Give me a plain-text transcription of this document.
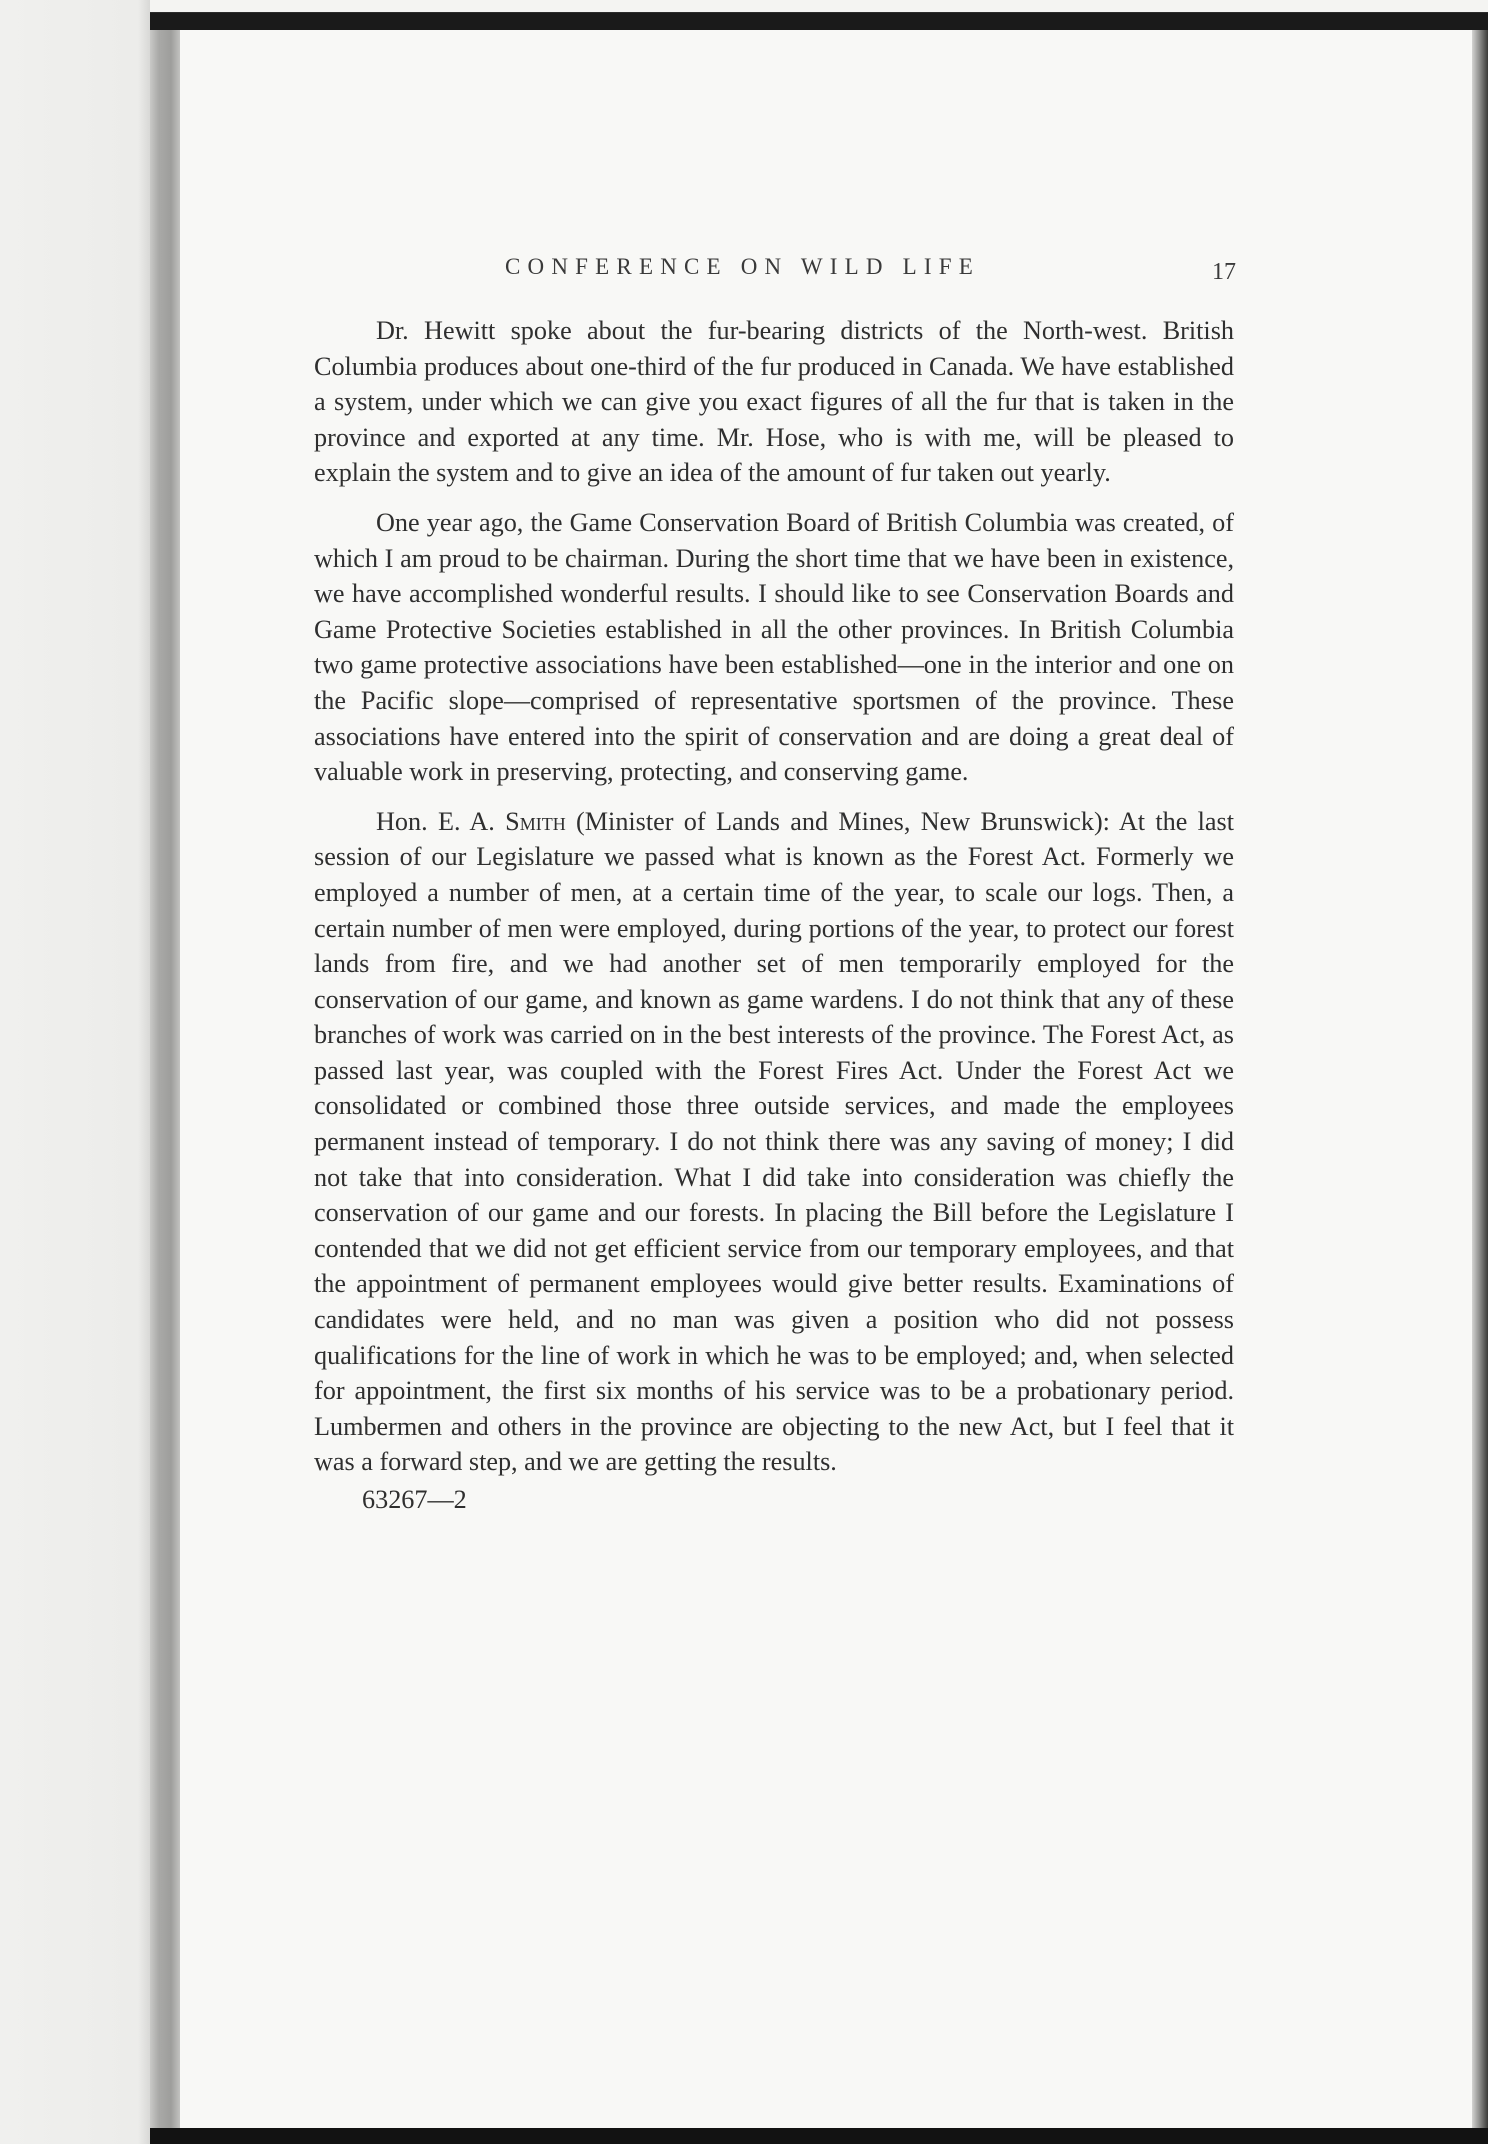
CONFERENCE ON WILD LIFE	17

Dr. Hewitt spoke about the fur-bearing districts of the North-west. British Columbia produces about one-third of the fur produced in Canada. We have established a system, under which we can give you exact figures of all the fur that is taken in the province and exported at any time. Mr. Hose, who is with me, will be pleased to explain the system and to give an idea of the amount of fur taken out yearly.

One year ago, the Game Conservation Board of British Columbia was created, of which I am proud to be chairman. During the short time that we have been in existence, we have accomplished wonderful results. I should like to see Conservation Boards and Game Protective Societies established in all the other provinces. In British Columbia two game protective associations have been established—one in the interior and one on the Pacific slope—comprised of representative sportsmen of the province. These associations have entered into the spirit of conservation and are doing a great deal of valuable work in preserving, protecting, and conserving game.

Hon. E. A. Smith (Minister of Lands and Mines, New Brunswick): At the last session of our Legislature we passed what is known as the Forest Act. Formerly we employed a number of men, at a certain time of the year, to scale our logs. Then, a certain number of men were employed, during portions of the year, to protect our forest lands from fire, and we had another set of men temporarily employed for the conservation of our game, and known as game wardens. I do not think that any of these branches of work was carried on in the best interests of the province. The Forest Act, as passed last year, was coupled with the Forest Fires Act. Under the Forest Act we consolidated or combined those three outside services, and made the employees permanent instead of temporary. I do not think there was any saving of money; I did not take that into consideration. What I did take into consideration was chiefly the conservation of our game and our forests. In placing the Bill before the Legislature I contended that we did not get efficient service from our temporary employees, and that the appointment of permanent employees would give better results. Examinations of candidates were held, and no man was given a position who did not possess qualifications for the line of work in which he was to be employed; and, when selected for appointment, the first six months of his service was to be a probationary period. Lumbermen and others in the province are objecting to the new Act, but I feel that it was a forward step, and we are getting the results.

63267—2
